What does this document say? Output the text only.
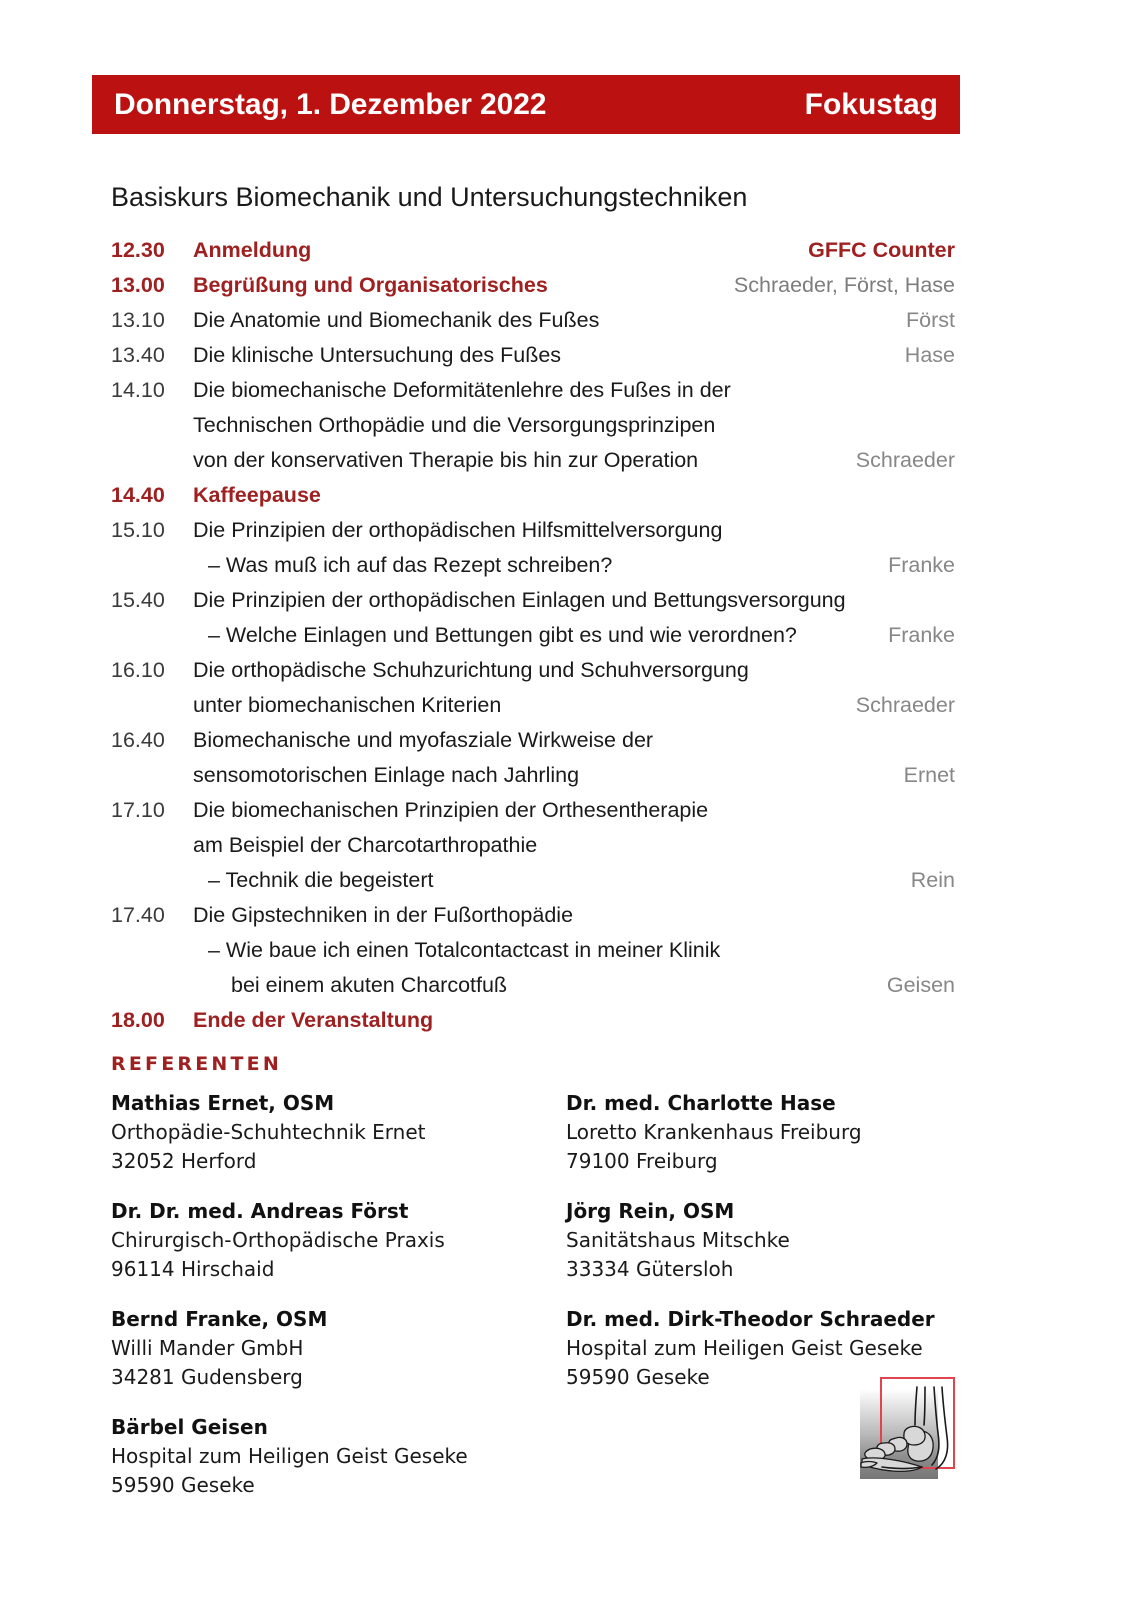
Donnerstag, 1. Dezember 2022	Fokustag
Basiskurs Biomechanik und Untersuchungstechniken
12.30	Anmeldung	GFFC Counter
13.00	Begrüßung und Organisatorisches	Schraeder, Först, Hase
13.10	Die Anatomie und Biomechanik des Fußes	Först
13.40	Die klinische Untersuchung des Fußes	Hase
14.10	Die biomechanische Deformitätenlehre des Fußes in der
Technischen Orthopädie und die Versorgungsprinzipen
von der konservativen Therapie bis hin zur Operation	Schraeder
14.40	Kaffeepause
15.10	Die Prinzipien der orthopädischen Hilfsmittelversorgung
– Was muß ich auf das Rezept schreiben?	Franke
15.40	Die Prinzipien der orthopädischen Einlagen und Bettungsversorgung
– Welche Einlagen und Bettungen gibt es und wie verordnen?	Franke
16.10	Die orthopädische Schuhzurichtung und Schuhversorgung
unter biomechanischen Kriterien	Schraeder
16.40	Biomechanische und myofasziale Wirkweise der
sensomotorischen Einlage nach Jahrling	Ernet
17.10	Die biomechanischen Prinzipien der Orthesentherapie
am Beispiel der Charcotarthropathie
– Technik die begeistert	Rein
17.40	Die Gipstechniken in der Fußorthopädie
– Wie baue ich einen Totalcontactcast in meiner Klinik
bei einem akuten Charcotfuß	Geisen
18.00	Ende der Veranstaltung
REFERENTEN
Mathias Ernet, OSM
Orthopädie-Schuhtechnik Ernet
32052 Herford
Dr. Dr. med. Andreas Först
Chirurgisch-Orthopädische Praxis
96114 Hirschaid
Bernd Franke, OSM
Willi Mander GmbH
34281 Gudensberg
Bärbel Geisen
Hospital zum Heiligen Geist Geseke
59590 Geseke
Dr. med. Charlotte Hase
Loretto Krankenhaus Freiburg
79100 Freiburg
Jörg Rein, OSM
Sanitätshaus Mitschke
33334 Gütersloh
Dr. med. Dirk-Theodor Schraeder
Hospital zum Heiligen Geist Geseke
59590 Geseke
